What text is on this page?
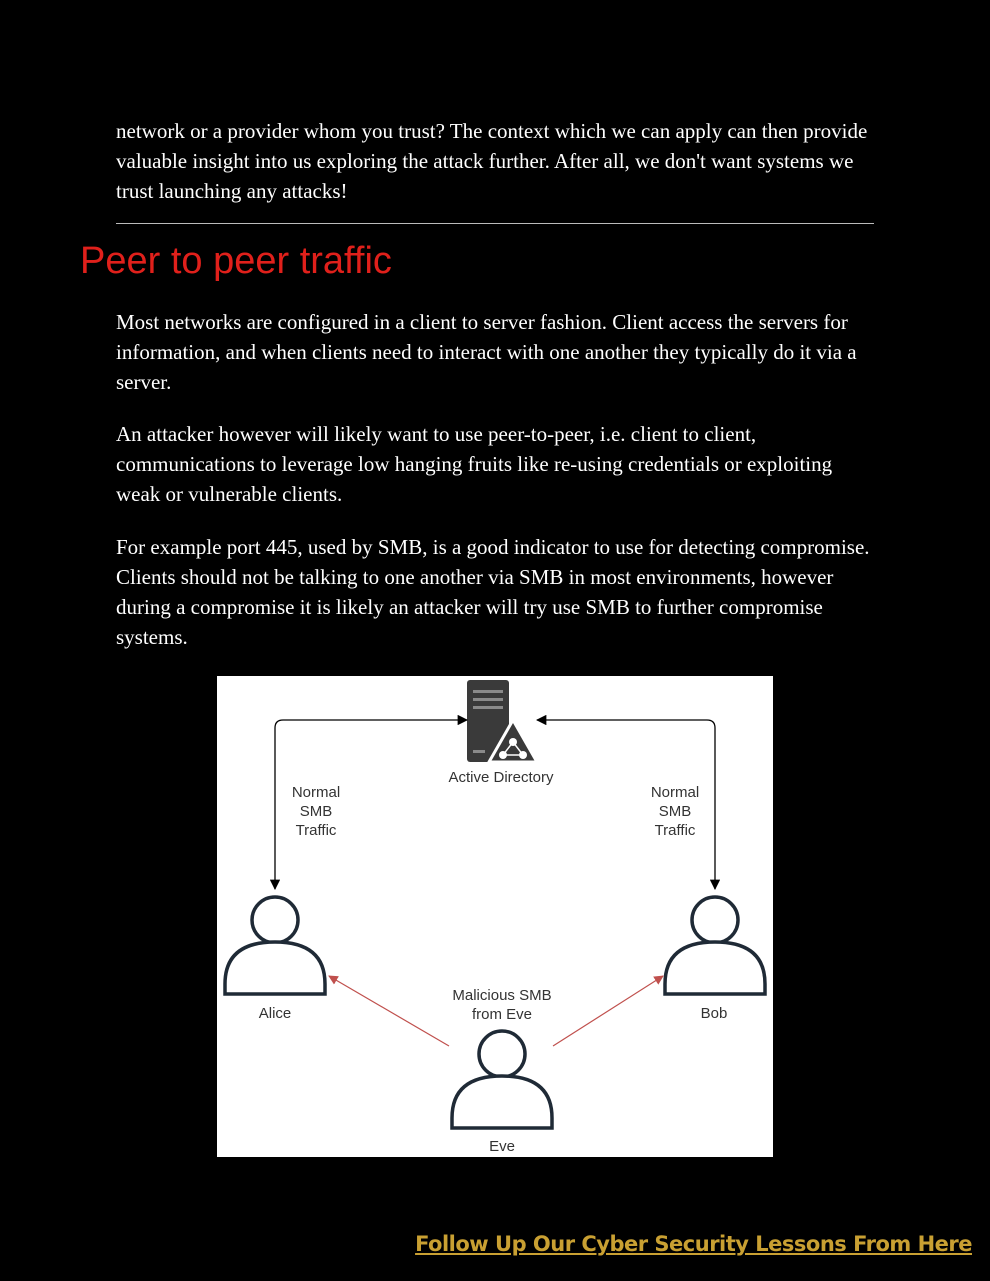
network or a provider whom you trust? The context which we can apply can then provide valuable insight into us exploring the attack further. After all, we don't want systems we trust launching any attacks!

Peer to peer traffic

Most networks are configured in a client to server fashion. Client access the servers for information, and when clients need to interact with one another they typically do it via a server.

An attacker however will likely want to use peer-to-peer, i.e. client to client, communications to leverage low hanging fruits like re-using credentials or exploiting weak or vulnerable clients.

For example port 445, used by SMB, is a good indicator to use for detecting compromise. Clients should not be talking to one another via SMB in most environments, however during a compromise it is likely an attacker will try use SMB to further compromise systems.

Active Directory
Normal
SMB
Traffic
Normal
SMB
Traffic
Malicious SMB
from Eve
Alice	Bob
Eve
Follow Up Our Cyber Security Lessons From Here
